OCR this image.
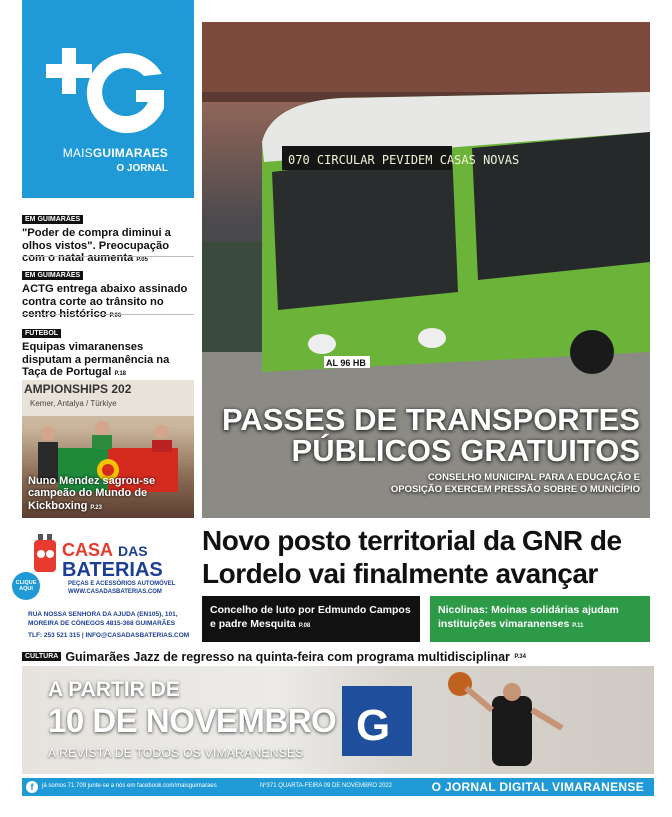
MAISGUIMARAES
O JORNAL
EM GUIMARÃES
"Poder de compra diminui a olhos vistos". Preocupação com o natal aumenta P.05
EM GUIMARÃES
ACTG entrega abaixo assinado contra corte ao trânsito no centro histórico P.06
FUTEBOL
Equipas vimaranenses disputam a permanência na Taça de Portugal P.18
AMPIONSHIPS 202
Kemer, Antalya / Türkiye
Nuno Mendez sagrou-se campeão do Mundo de Kickboxing P.23
070 CIRCULAR PEVIDEM CASAS NOVAS
AL 96 HB
PASSES DE TRANSPORTES
PÚBLICOS GRATUITOS
CONSELHO MUNICIPAL PARA A EDUCAÇÃO E
OPOSIÇÃO EXERCEM PRESSÃO SOBRE O MUNICÍPIO
CASA DAS
BATERIAS
PEÇAS E ACESSÓRIOS AUTOMÓVEL
WWW.CASADASBATERIAS.COM
CLIQUE
AQUI
RUA NOSSA SENHORA DA AJUDA (EN105), 101,
MOREIRA DE CÓNEGOS 4815-368 GUIMARÃES
TLF: 253 521 315 | INFO@CASADASBATERIAS.COM
Novo posto territorial da GNR de Lordelo vai finalmente avançar
Concelho de luto por Edmundo Campos e padre Mesquita P.08
Nicolinas: Moinas solidárias ajudam instituições vimaranenses P.11
CULTURA Guimarães Jazz de regresso na quinta-feira com programa multidisciplinar P.34
G
A PARTIR DE
10 DE NOVEMBRO
A REVISTA DE TODOS OS VIMARANENSES
f	já somos 71.709 junte-se a nós em facebook.com/maisguimaraes	Nº371 QUARTA-FEIRA 09 DE NOVEMBRO 2022	O JORNAL DIGITAL VIMARANENSE
